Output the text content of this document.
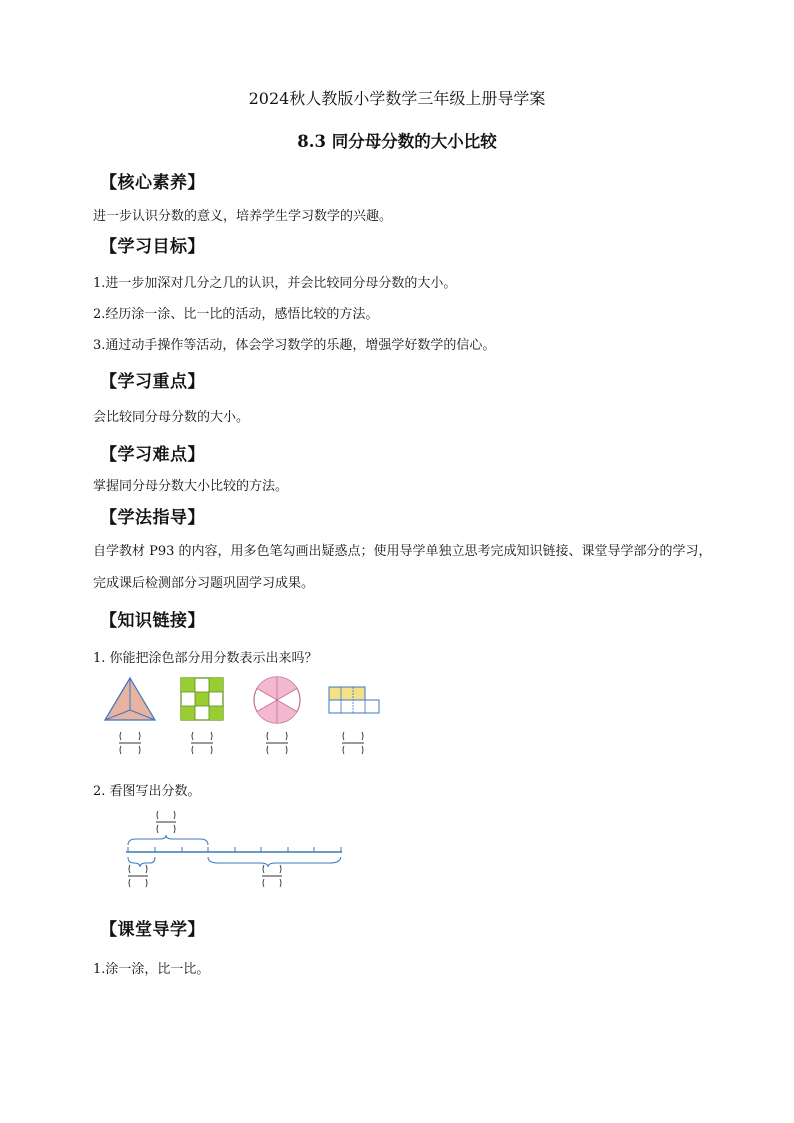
2024秋人教版小学数学三年级上册导学案
8.3 同分母分数的大小比较
【核心素养】
进一步认识分数的意义，培养学生学习数学的兴趣。
【学习目标】
1.进一步加深对几分之几的认识，并会比较同分母分数的大小。
2.经历涂一涂、比一比的活动，感悟比较的方法。
3.通过动手操作等活动，体会学习数学的乐趣，增强学好数学的信心。
【学习重点】
会比较同分母分数的大小。
【学习难点】
掌握同分母分数大小比较的方法。
【学法指导】
自学教材 P93 的内容，用多色笔勾画出疑惑点；使用导学单独立思考完成知识链接、课堂导学部分的学习，完成课后检测部分习题巩固学习成果。
【知识链接】
1. 你能把涂色部分用分数表示出来吗？
2. 看图写出分数。
【课堂导学】
1.涂一涂，比一比。
